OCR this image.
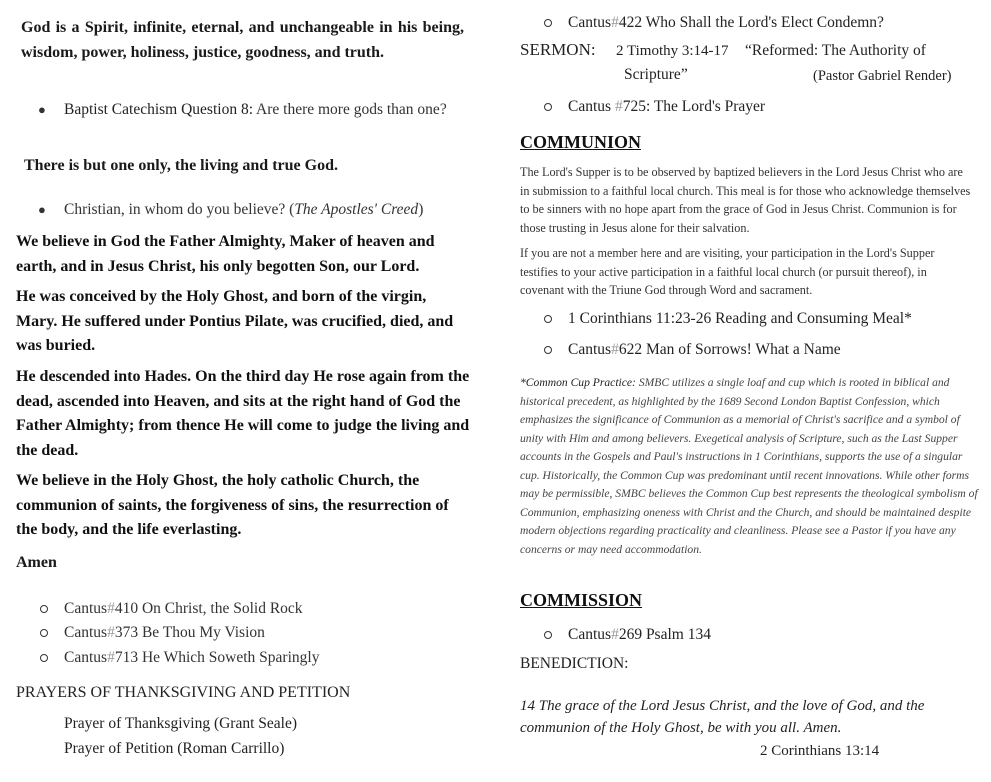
God is a Spirit, infinite, eternal, and unchangeable in his being, wisdom, power, holiness, justice, goodness, and truth.

●	Baptist Catechism Question 8: Are there more gods than one?

There is but one only, the living and true God.

●	Christian, in whom do you believe? (The Apostles' Creed)

We believe in God the Father Almighty, Maker of heaven and earth, and in Jesus Christ, his only begotten Son, our Lord.

He was conceived by the Holy Ghost, and born of the virgin, Mary. He suffered under Pontius Pilate, was crucified, died, and was buried.

He descended into Hades. On the third day He rose again from the dead, ascended into Heaven, and sits at the right hand of God the Father Almighty; from thence He will come to judge the living and the dead.

We believe in the Holy Ghost, the holy catholic Church, the communion of saints, the forgiveness of sins, the resurrection of the body, and the life everlasting.

Amen

Cantus#410 On Christ, the Solid Rock
Cantus#373 Be Thou My Vision
Cantus#713 He Which Soweth Sparingly

PRAYERS OF THANKSGIVING AND PETITION

Prayer of Thanksgiving (Grant Seale)

Prayer of Petition (Roman Carrillo)

Cantus#422 Who Shall the Lord's Elect Condemn?
SERMON: 2 Timothy 3:14-17 “Reformed: The Authority of
Scripture”	(Pastor Gabriel Render)
Cantus #725: The Lord's Prayer

COMMUNION

The Lord's Supper is to be observed by baptized believers in the Lord Jesus Christ who are in submission to a faithful local church. This meal is for those who acknowledge themselves to be sinners with no hope apart from the grace of God in Jesus Christ. Communion is for those trusting in Jesus alone for their salvation.

If you are not a member here and are visiting, your participation in the Lord's Supper testifies to your active participation in a faithful local church (or pursuit thereof), in covenant with the Triune God through Word and sacrament.

1 Corinthians 11:23-26 Reading and Consuming Meal*
Cantus#622 Man of Sorrows! What a Name

*Common Cup Practice: SMBC utilizes a single loaf and cup which is rooted in biblical and historical precedent, as highlighted by the 1689 Second London Baptist Confession, which emphasizes the significance of Communion as a memorial of Christ's sacrifice and a symbol of unity with Him and among believers. Exegetical analysis of Scripture, such as the Last Supper accounts in the Gospels and Paul's instructions in 1 Corinthians, supports the use of a singular cup. Historically, the Common Cup was predominant until recent innovations. While other forms may be permissible, SMBC believes the Common Cup best represents the theological symbolism of Communion, emphasizing oneness with Christ and the Church, and should be maintained despite modern objections regarding practicality and cleanliness. Please see a Pastor if you have any concerns or may need accommodation.

COMMISSION

Cantus#269 Psalm 134

BENEDICTION:

14 The grace of the Lord Jesus Christ, and the love of God, and the communion of the Holy Ghost, be with you all. Amen.

2 Corinthians 13:14
